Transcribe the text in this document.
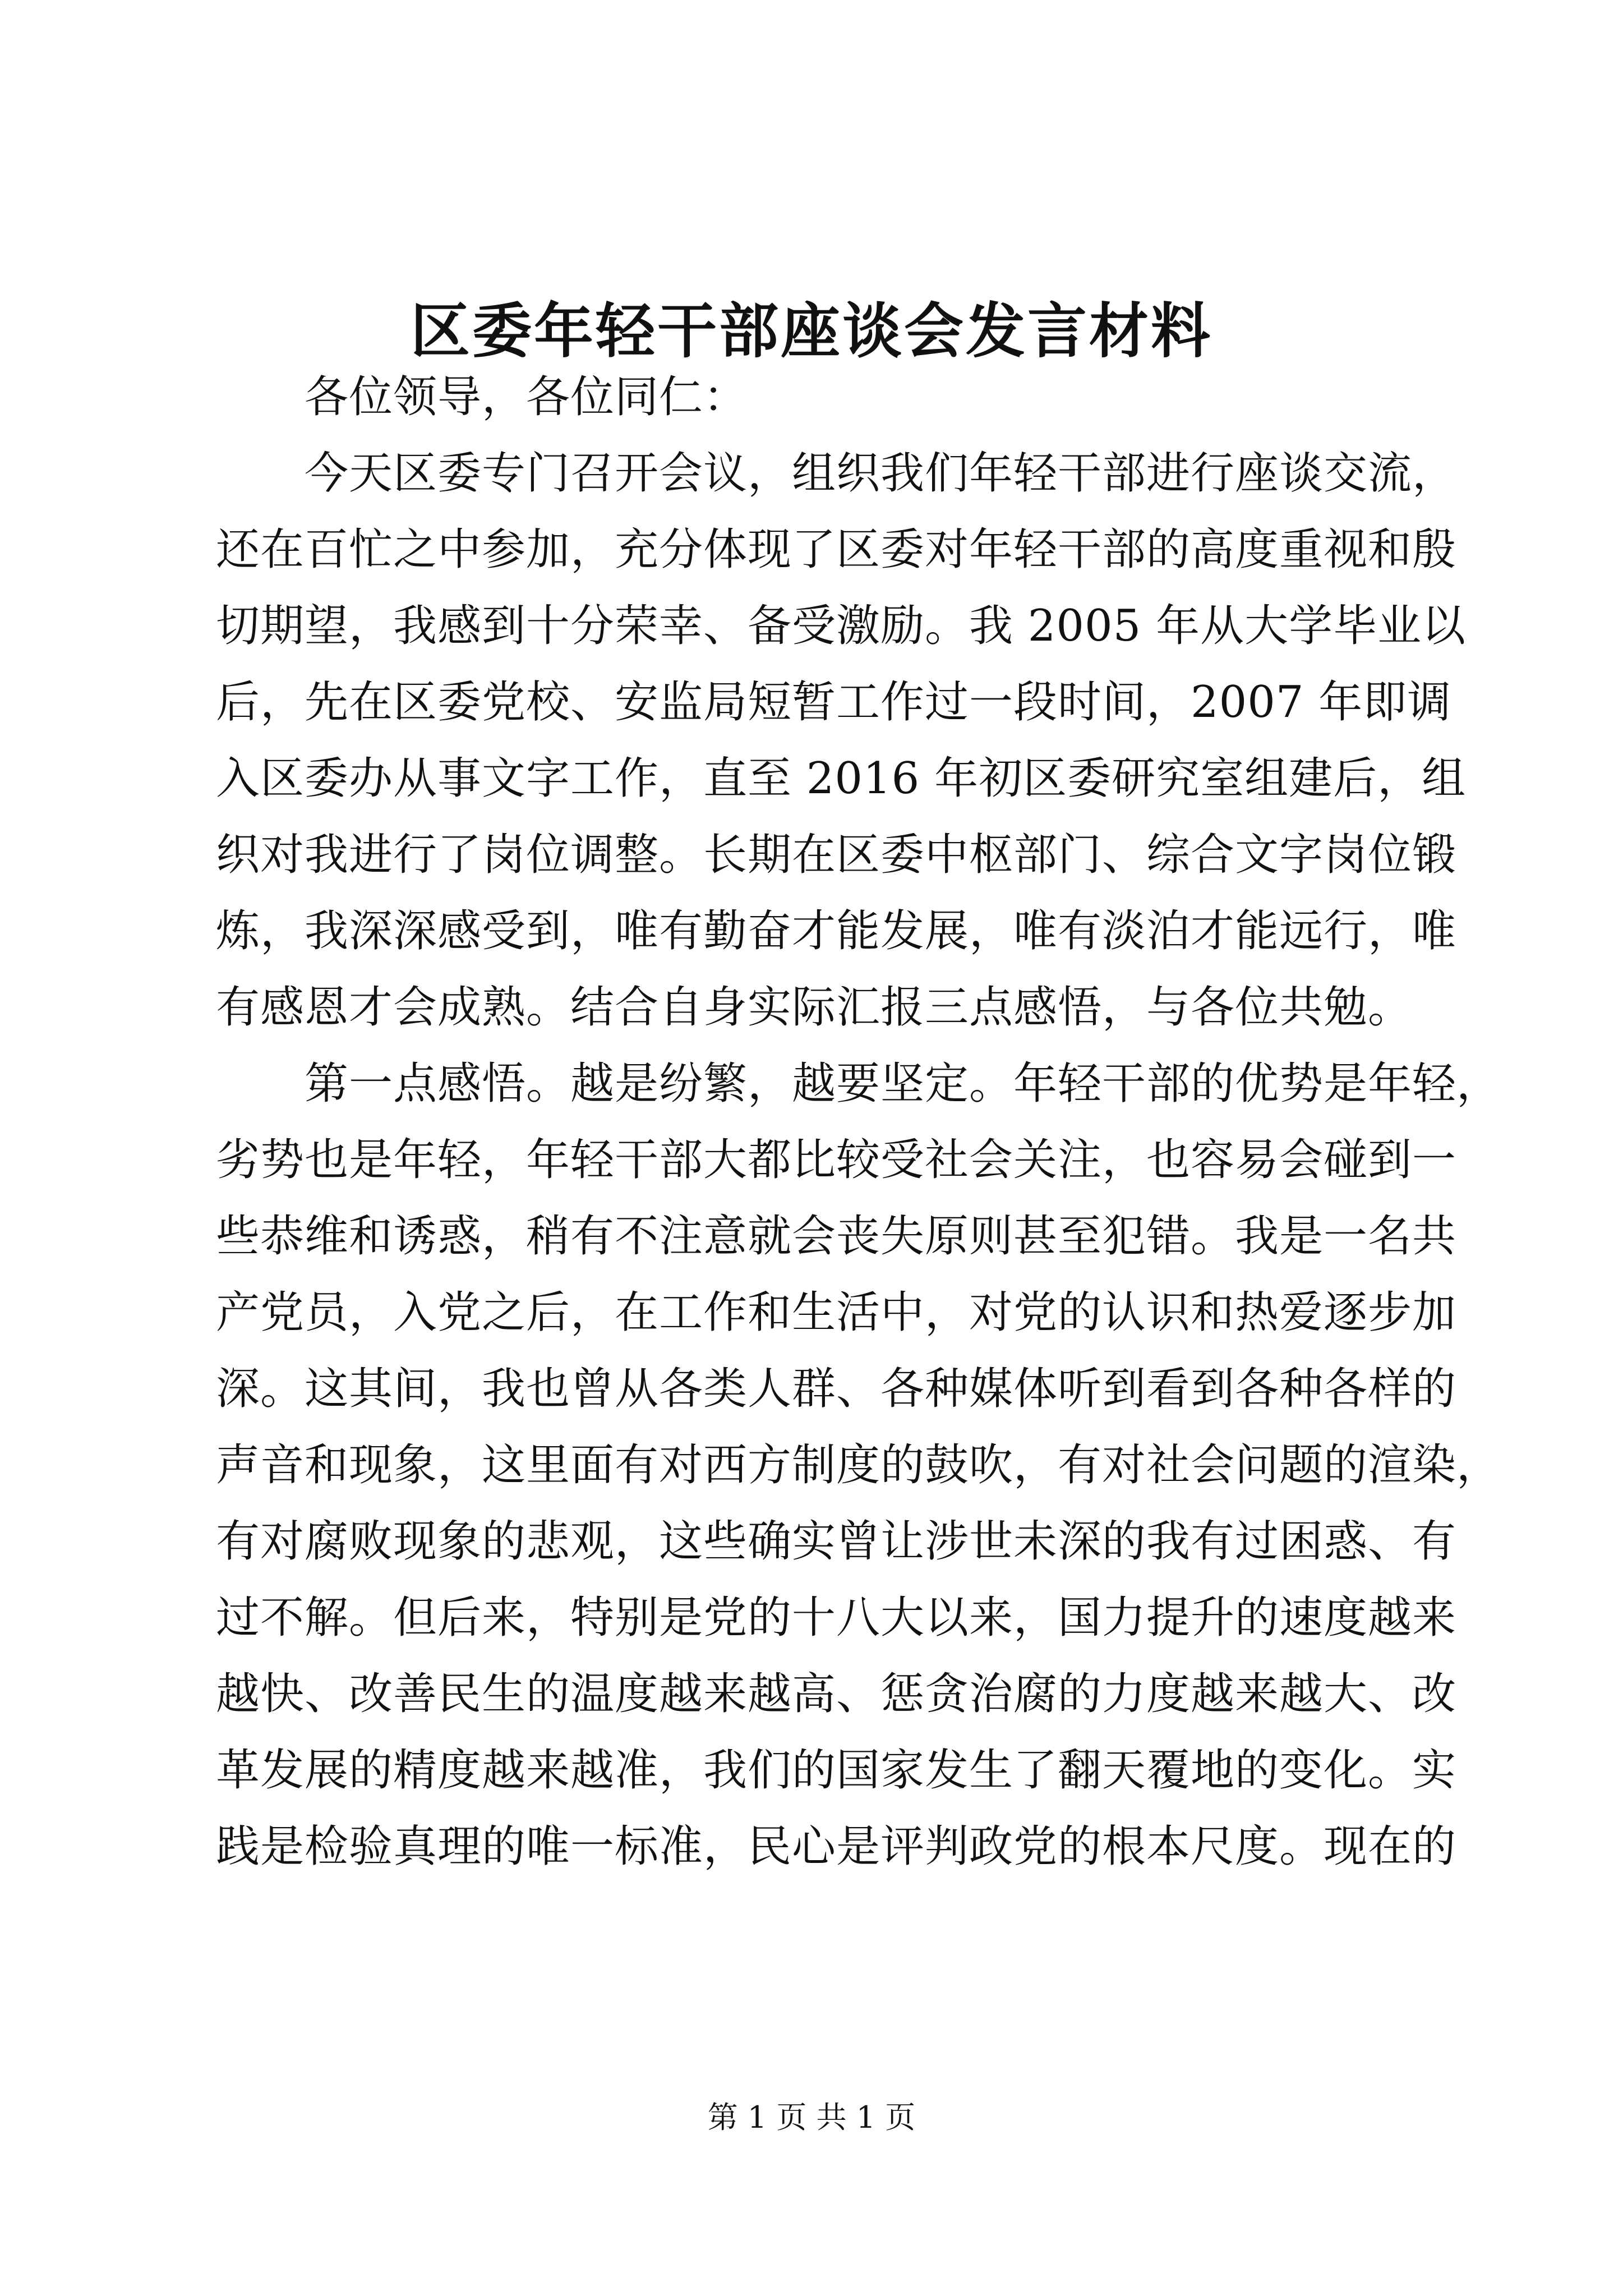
区委年轻干部座谈会发言材料
各位领导，各位同仁：
今天区委专门召开会议，组织我们年轻干部进行座谈交流，
还在百忙之中参加，充分体现了区委对年轻干部的高度重视和殷
切期望，我感到十分荣幸、备受激励。我 2005 年从大学毕业以
后，先在区委党校、安监局短暂工作过一段时间，2007 年即调
入区委办从事文字工作，直至 2016 年初区委研究室组建后，组
织对我进行了岗位调整。长期在区委中枢部门、综合文字岗位锻
炼，我深深感受到，唯有勤奋才能发展，唯有淡泊才能远行，唯
有感恩才会成熟。结合自身实际汇报三点感悟，与各位共勉。
第一点感悟。越是纷繁，越要坚定。年轻干部的优势是年轻，
劣势也是年轻，年轻干部大都比较受社会关注，也容易会碰到一
些恭维和诱惑，稍有不注意就会丧失原则甚至犯错。我是一名共
产党员，入党之后，在工作和生活中，对党的认识和热爱逐步加
深。这其间，我也曾从各类人群、各种媒体听到看到各种各样的
声音和现象，这里面有对西方制度的鼓吹，有对社会问题的渲染，
有对腐败现象的悲观，这些确实曾让涉世未深的我有过困惑、有
过不解。但后来，特别是党的十八大以来，国力提升的速度越来
越快、改善民生的温度越来越高、惩贪治腐的力度越来越大、改
革发展的精度越来越准，我们的国家发生了翻天覆地的变化。实
践是检验真理的唯一标准，民心是评判政党的根本尺度。现在的
第 1 页 共 1 页
